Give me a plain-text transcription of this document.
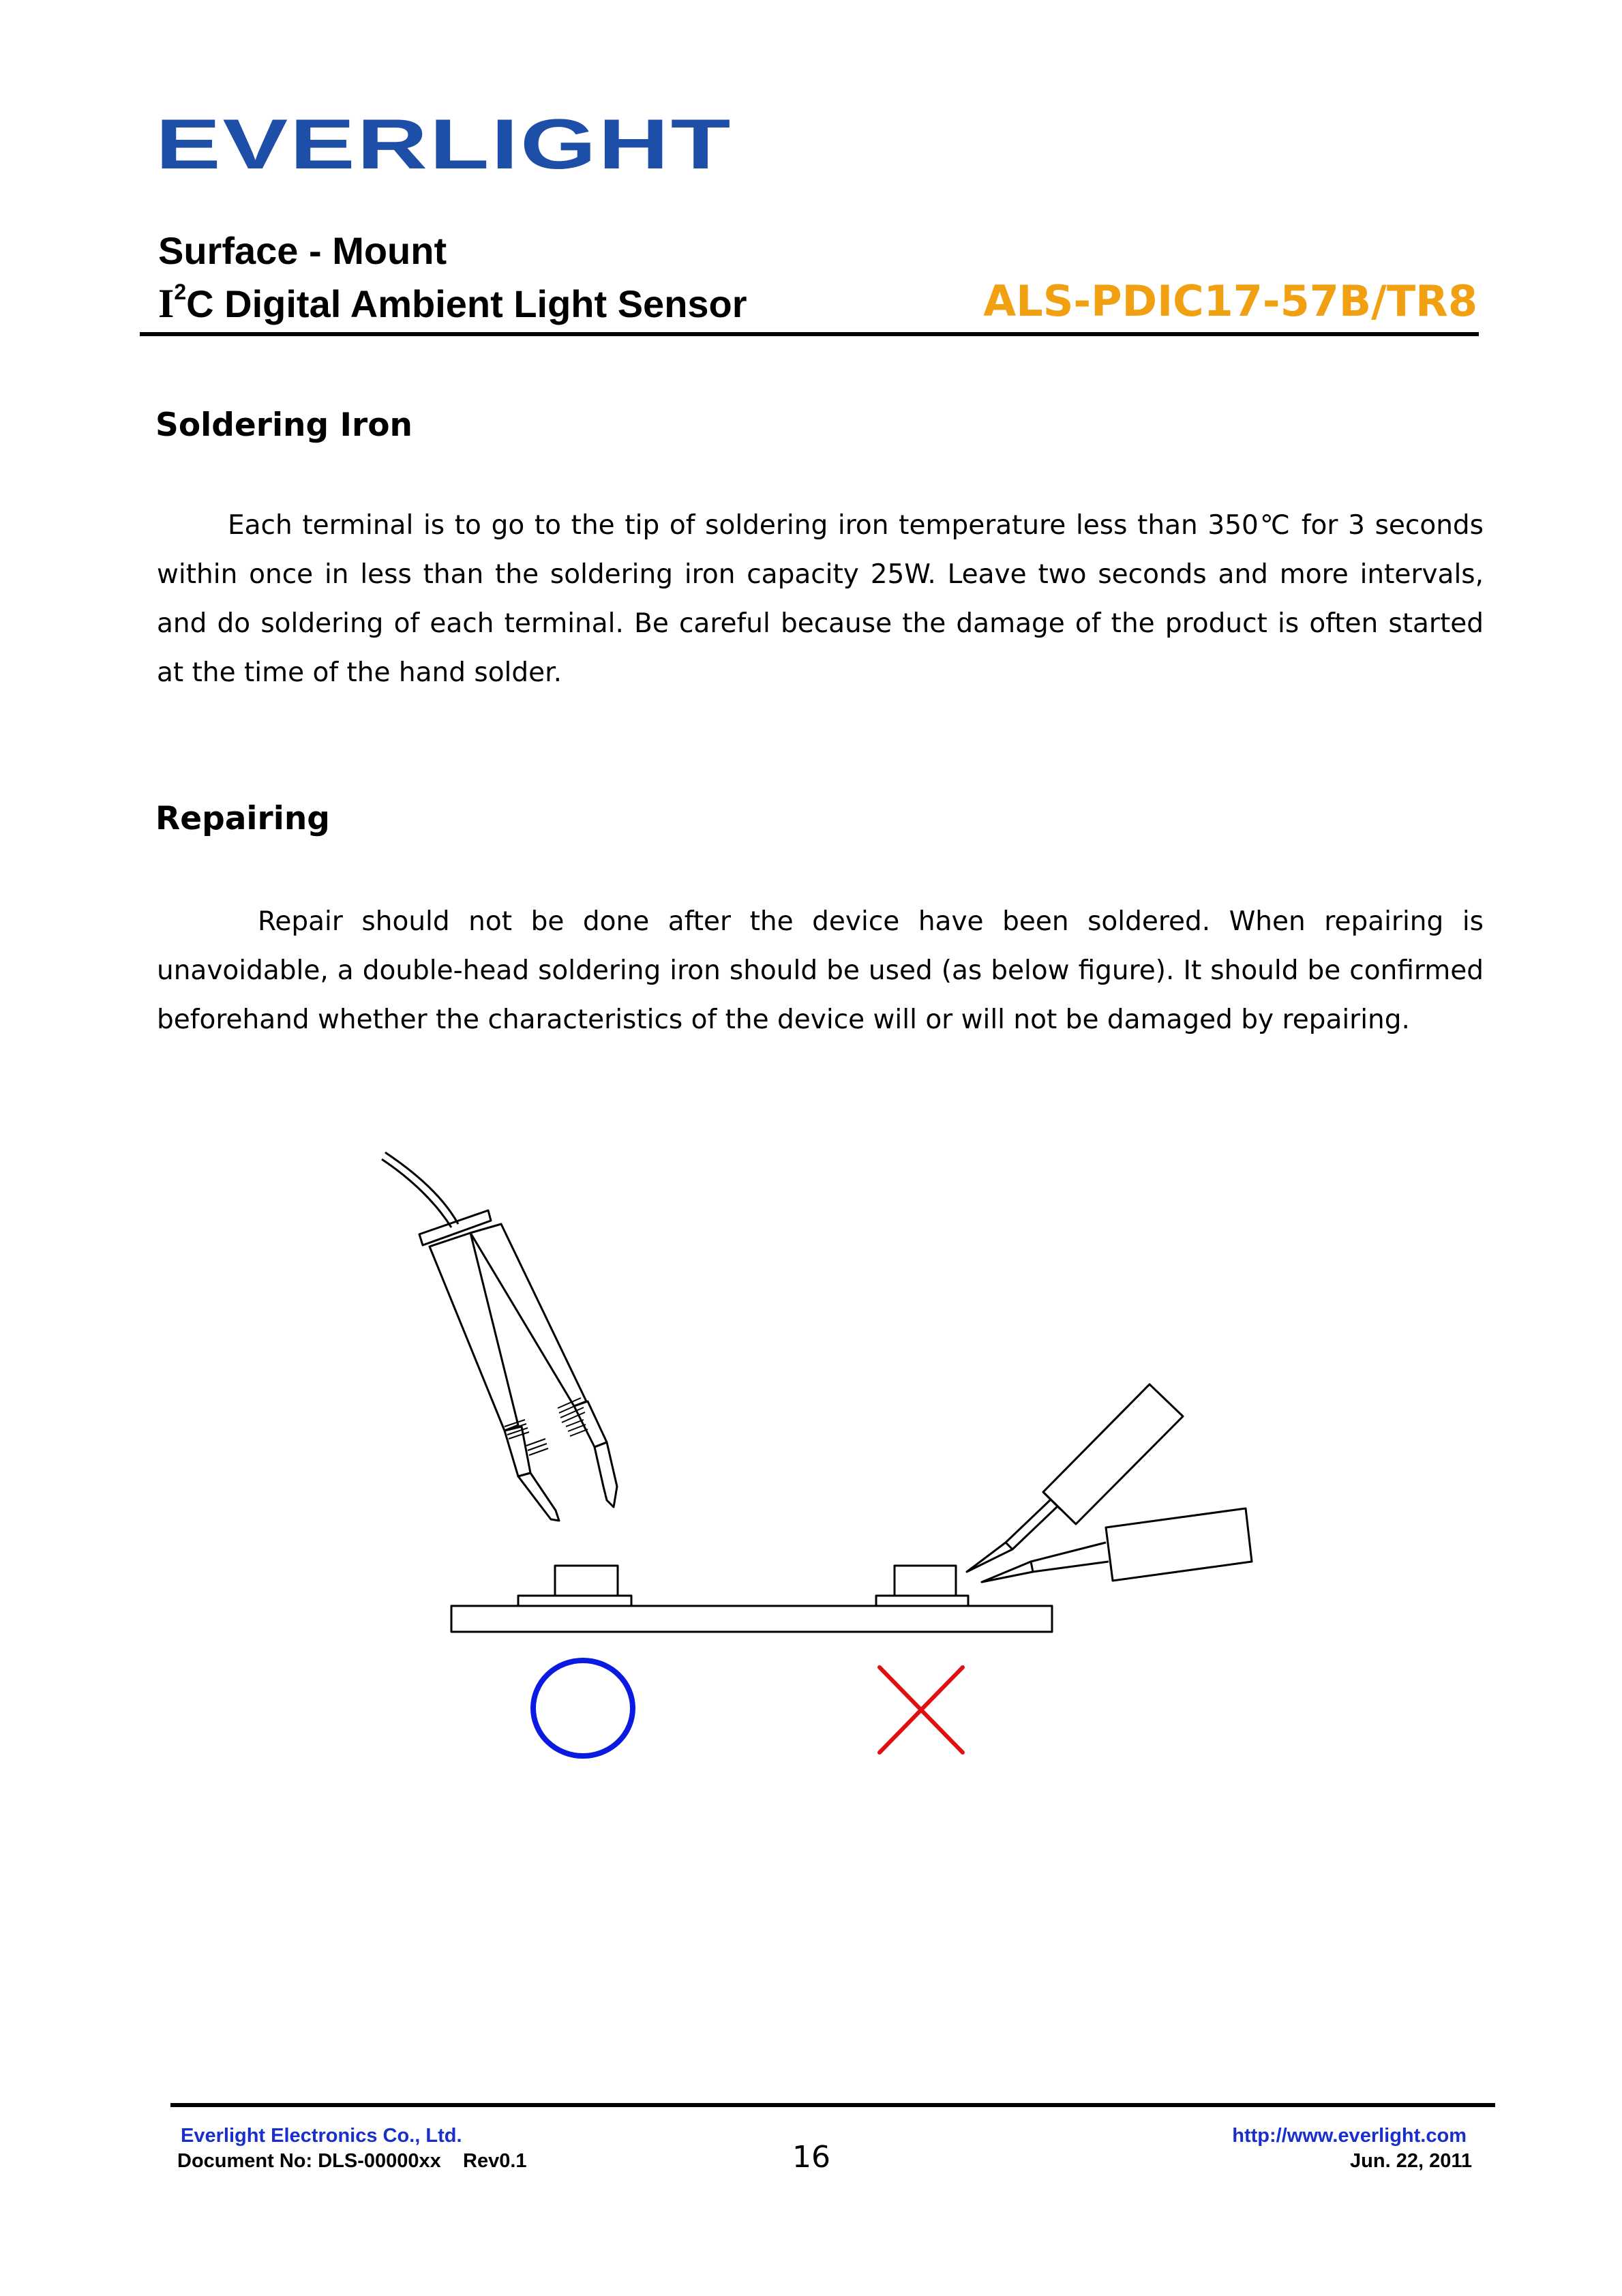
EVERLIGHT
Surface - Mount
$I^2C$ Digital Ambient Light Sensor	ALS-PDIC17-57B/TR8
Soldering Iron

Each terminal is to go to the tip of soldering iron temperature less than 350℃ for 3 seconds within once in less than the soldering iron capacity 25W. Leave two seconds and more intervals, and do soldering of each terminal. Be careful because the damage of the product is often started at the time of the hand solder.

Repairing

Repair should not be done after the device have been soldered. When repairing is unavoidable, a double-head soldering iron should be used (as below figure). It should be confirmed beforehand whether the characteristics of the device will or will not be damaged by repairing.

Everlight Electronics Co., Ltd.
Document No: DLS-00000xx    Rev0.1	16
http://www.everlight.com
Jun. 22, 2011
